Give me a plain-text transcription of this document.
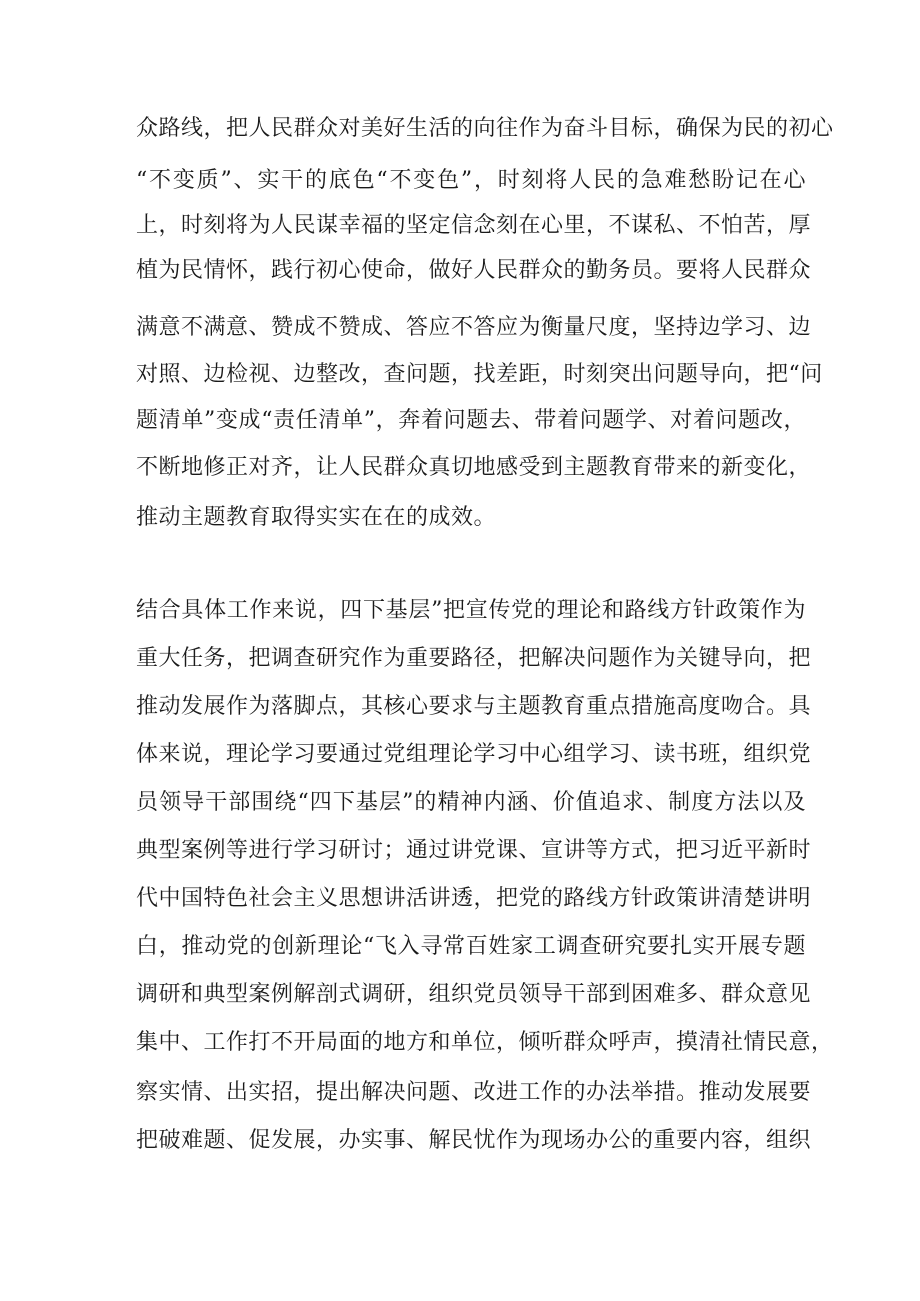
众路线，把人民群众对美好生活的向往作为奋斗目标，确保为民的初心
“不变质”、实干的底色“不变色”，时刻将人民的急难愁盼记在心
上，时刻将为人民谋幸福的坚定信念刻在心里，不谋私、不怕苦，厚
植为民情怀，践行初心使命，做好人民群众的勤务员。要将人民群众
满意不满意、赞成不赞成、答应不答应为衡量尺度，坚持边学习、边
对照、边检视、边整改，查问题，找差距，时刻突出问题导向，把“问
题清单”变成“责任清单”，奔着问题去、带着问题学、对着问题改，
不断地修正对齐，让人民群众真切地感受到主题教育带来的新变化，
推动主题教育取得实实在在的成效。
结合具体工作来说，四下基层”把宣传党的理论和路线方针政策作为
重大任务，把调查研究作为重要路径，把解决问题作为关键导向，把
推动发展作为落脚点，其核心要求与主题教育重点措施高度吻合。具
体来说，理论学习要通过党组理论学习中心组学习、读书班，组织党
员领导干部围绕“四下基层”的精神内涵、价值追求、制度方法以及
典型案例等进行学习研讨；通过讲党课、宣讲等方式，把习近平新时
代中国特色社会主义思想讲活讲透，把党的路线方针政策讲清楚讲明
白，推动党的创新理论“飞入寻常百姓家工调查研究要扎实开展专题
调研和典型案例解剖式调研，组织党员领导干部到困难多、群众意见
集中、工作打不开局面的地方和单位，倾听群众呼声，摸清社情民意，
察实情、出实招，提出解决问题、改进工作的办法举措。推动发展要
把破难题、促发展，办实事、解民忧作为现场办公的重要内容，组织
